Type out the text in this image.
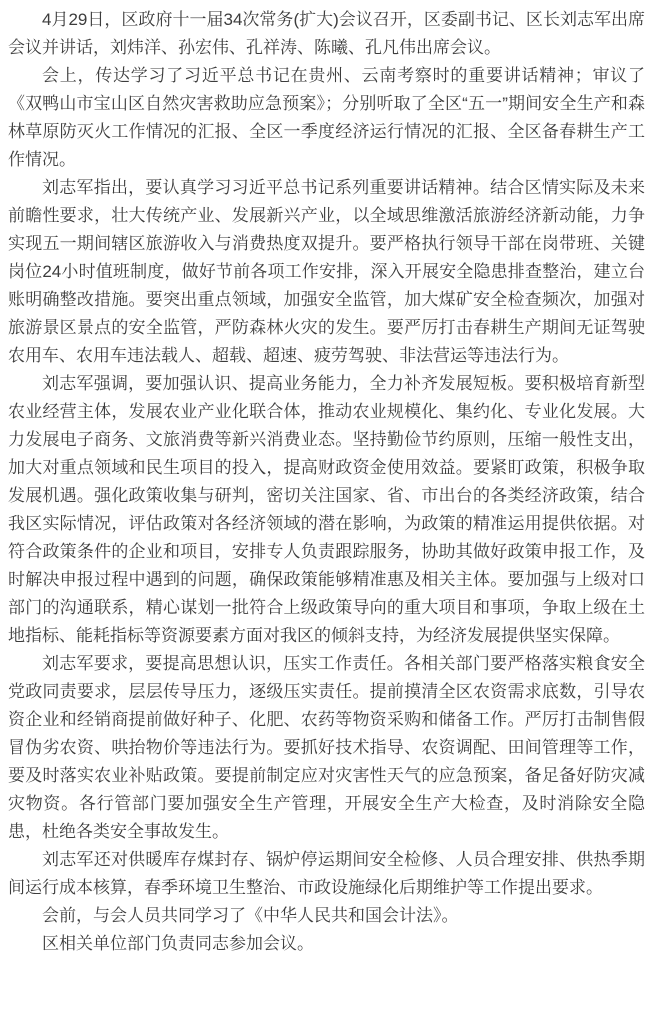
4月29日，区政府十一届34次常务(扩大)会议召开，区委副书记、区长刘志军出席会议并讲话，刘炜洋、孙宏伟、孔祥涛、陈曦、孔凡伟出席会议。

会上，传达学习了习近平总书记在贵州、云南考察时的重要讲话精神；审议了《双鸭山市宝山区自然灾害救助应急预案》；分别听取了全区“五一”期间安全生产和森林草原防灭火工作情况的汇报、全区一季度经济运行情况的汇报、全区备春耕生产工作情况。

刘志军指出，要认真学习习近平总书记系列重要讲话精神。结合区情实际及未来前瞻性要求，壮大传统产业、发展新兴产业，以全域思维激活旅游经济新动能，力争实现五一期间辖区旅游收入与消费热度双提升。要严格执行领导干部在岗带班、关键岗位24小时值班制度，做好节前各项工作安排，深入开展安全隐患排查整治，建立台账明确整改措施。要突出重点领域，加强安全监管，加大煤矿安全检查频次，加强对旅游景区景点的安全监管，严防森林火灾的发生。要严厉打击春耕生产期间无证驾驶农用车、农用车违法载人、超载、超速、疲劳驾驶、非法营运等违法行为。

刘志军强调，要加强认识、提高业务能力，全力补齐发展短板。要积极培育新型农业经营主体，发展农业产业化联合体，推动农业规模化、集约化、专业化发展。大力发展电子商务、文旅消费等新兴消费业态。坚持勤俭节约原则，压缩一般性支出，加大对重点领域和民生项目的投入，提高财政资金使用效益。要紧盯政策，积极争取发展机遇。强化政策收集与研判，密切关注国家、省、市出台的各类经济政策，结合我区实际情况，评估政策对各经济领域的潜在影响，为政策的精准运用提供依据。对符合政策条件的企业和项目，安排专人负责跟踪服务，协助其做好政策申报工作，及时解决申报过程中遇到的问题，确保政策能够精准惠及相关主体。要加强与上级对口部门的沟通联系，精心谋划一批符合上级政策导向的重大项目和事项，争取上级在土地指标、能耗指标等资源要素方面对我区的倾斜支持，为经济发展提供坚实保障。

刘志军要求，要提高思想认识，压实工作责任。各相关部门要严格落实粮食安全党政同责要求，层层传导压力，逐级压实责任。提前摸清全区农资需求底数，引导农资企业和经销商提前做好种子、化肥、农药等物资采购和储备工作。严厉打击制售假冒伪劣农资、哄抬物价等违法行为。要抓好技术指导、农资调配、田间管理等工作，要及时落实农业补贴政策。要提前制定应对灾害性天气的应急预案，备足备好防灾减灾物资。各行管部门要加强安全生产管理，开展安全生产大检查，及时消除安全隐患，杜绝各类安全事故发生。

刘志军还对供暖库存煤封存、锅炉停运期间安全检修、人员合理安排、供热季期间运行成本核算，春季环境卫生整治、市政设施绿化后期维护等工作提出要求。

会前，与会人员共同学习了《中华人民共和国会计法》。

区相关单位部门负责同志参加会议。
